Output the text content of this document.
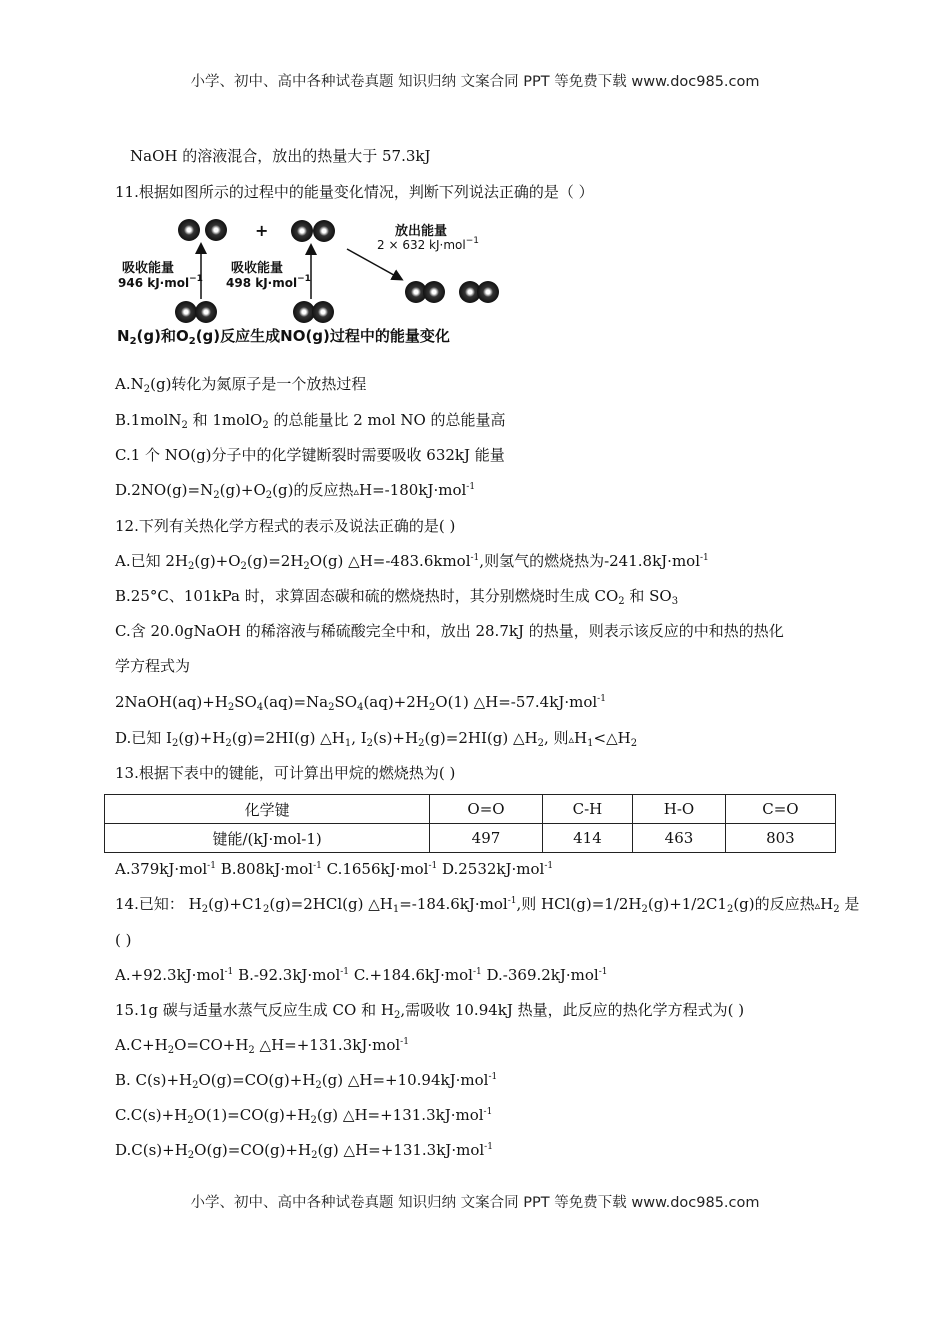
小学、初中、高中各种试卷真题 知识归纳 文案合同 PPT 等免费下载 www.doc985.com
NaOH 的溶液混合，放出的热量大于 57.3kJ
11.根据如图所示的过程中的能量变化情况，判断下列说法正确的是（ ）
+
吸收能量
946 kJ·mol$^{-1}$
吸收能量
498 kJ·mol$^{-1}$
放出能量
2 × 632 kJ·mol$^{-1}$
$N_2(g)$和$O_2(g)$反应生成NO(g)过程中的能量变化
$A.N_2(g)$转化为氮原子是一个放热过程
B.1molN$_2$ 和 1molO$_2$ 的总能量比 2 mol NO 的总能量高
C.1 个 NO(g)分子中的化学键断裂时需要吸收 632kJ 能量
$D.2NO(g)=N_2(g)+O_2(g)$的反应热▵H=-180kJ·mol$^{-1}$
12.下列有关热化学方程式的表示及说法正确的是( )
A.已知 $2H_2(g)+O_2(g)=2H_2O(g)$ △H=-483.6kmol$^{-1}$,则氢气的燃烧热为-241.8kJ·mol$^{-1}$
B.25°C、101kPa 时，求算固态碳和硫的燃烧热时，其分别燃烧时生成 $CO_2$ 和 $SO_3$
C.含 20.0gNaOH 的稀溶液与稀硫酸完全中和，放出 28.7kJ 的热量，则表示该反应的中和热的热化
学方程式为
$2NaOH(aq)+H_2SO_4(aq)=Na_2SO_4(aq)+2H_2O(1)$ △H=-57.4kJ·mol$^{-1}$
D.已知 $I_2(g)+H_2(g)=2HI(g)$ $\triangle H_1$, $I_2(s)+H_2(g)=2HI(g)$ $\triangle H_2$, 则$▵H_1<\triangle H_2$
13.根据下表中的键能，可计算出甲烷的燃烧热为( )
化学键	O=O	C-H	H-O	C=O
键能/(kJ·mol-1)	497	414	463	803
A.379kJ·mol$^{-1}$ B.808kJ·mol$^{-1}$ C.1656kJ·mol$^{-1}$ D.2532kJ·mol$^{-1}$
14.已知： $H_2(g)+C1_2(g)=2HCl(g)$ $\triangle H_1=-184.6kJ\cdot mol^{-1}$,则 $HCl(g)=1/2H_2(g)+1/2C1_2(g)$的反应热$▵H_2$ 是
( )
A.+92.3kJ·mol$^{-1}$ B.-92.3kJ·mol$^{-1}$ C.+184.6kJ·mol$^{-1}$ D.-369.2kJ·mol$^{-1}$
15.1g 碳与适量水蒸气反应生成 CO 和 $H_2$,需吸收 10.94kJ 热量，此反应的热化学方程式为( )
$A.C+H_2O=CO+H_2$ △H=+131.3kJ·mol$^{-1}$
B. $C(s)+H_2O(g)=CO(g)+H_2(g)$ △H=+10.94kJ·mol$^{-1}$
$C.C(s)+H_2O(1)=CO(g)+H_2(g)$ △H=+131.3kJ·mol$^{-1}$
$D.C(s)+H_2O(g)=CO(g)+H_2(g)$ △H=+131.3kJ·mol$^{-1}$
小学、初中、高中各种试卷真题 知识归纳 文案合同 PPT 等免费下载 www.doc985.com
